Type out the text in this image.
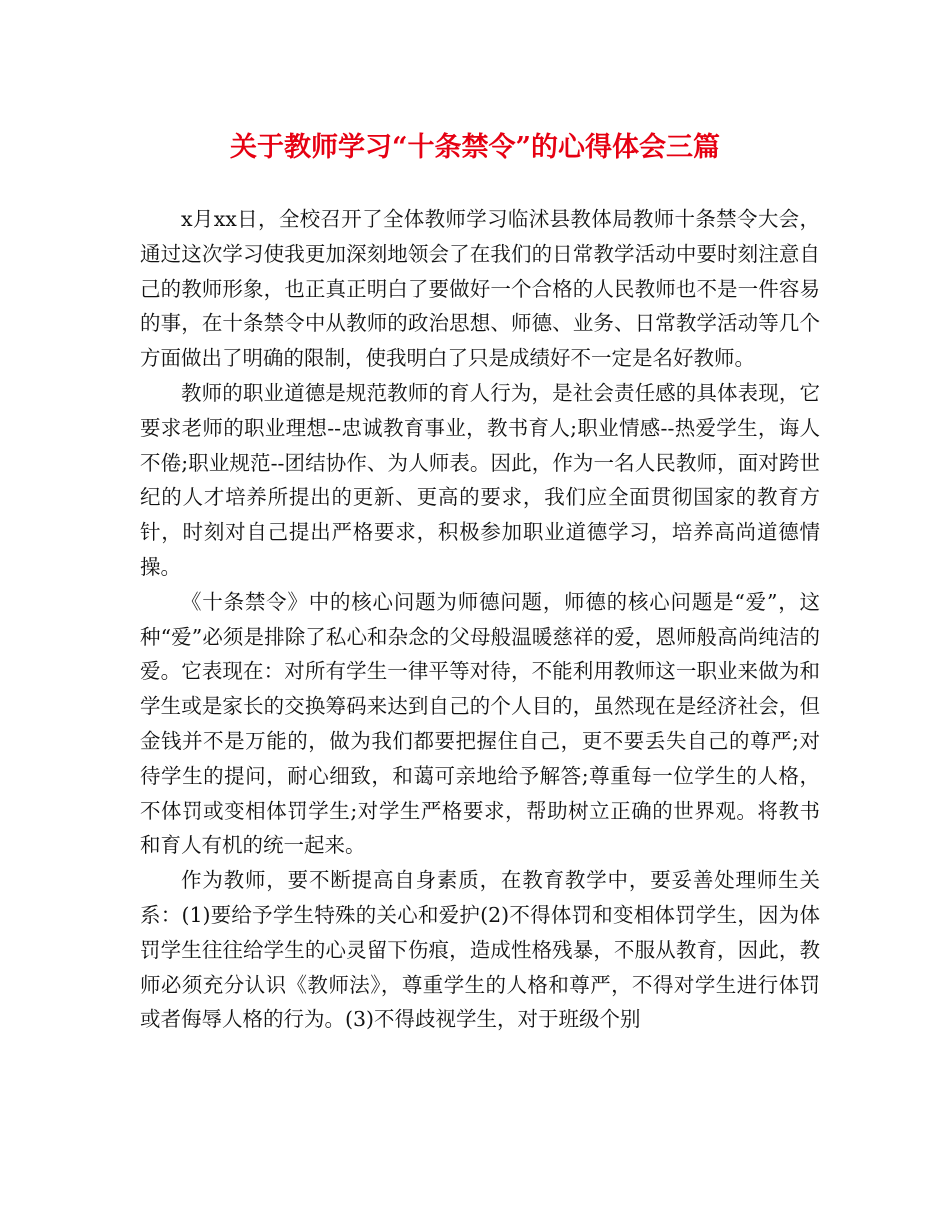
关于教师学习“十条禁令”的心得体会三篇

x月xx日，全校召开了全体教师学习临沭县教体局教师十条禁令大会，通过这次学习使我更加深刻地领会了在我们的日常教学活动中要时刻注意自己的教师形象，也正真正明白了要做好一个合格的人民教师也不是一件容易的事，在十条禁令中从教师的政治思想、师德、业务、日常教学活动等几个方面做出了明确的限制，使我明白了只是成绩好不一定是名好教师。

教师的职业道德是规范教师的育人行为，是社会责任感的具体表现，它要求老师的职业理想--忠诚教育事业，教书育人;职业情感--热爱学生，诲人不倦;职业规范--团结协作、为人师表。因此，作为一名人民教师，面对跨世纪的人才培养所提出的更新、更高的要求，我们应全面贯彻国家的教育方针，时刻对自己提出严格要求，积极参加职业道德学习，培养高尚道德情操。

《十条禁令》中的核心问题为师德问题，师德的核心问题是“爱”，这种“爱”必须是排除了私心和杂念的父母般温暖慈祥的爱，恩师般高尚纯洁的爱。它表现在：对所有学生一律平等对待，不能利用教师这一职业来做为和学生或是家长的交换筹码来达到自己的个人目的，虽然现在是经济社会，但金钱并不是万能的，做为我们都要把握住自己，更不要丢失自己的尊严;对待学生的提问，耐心细致，和蔼可亲地给予解答;尊重每一位学生的人格，不体罚或变相体罚学生;对学生严格要求，帮助树立正确的世界观。将教书和育人有机的统一起来。

作为教师，要不断提高自身素质，在教育教学中，要妥善处理师生关系：(1)要给予学生特殊的关心和爱护(2)不得体罚和变相体罚学生，因为体罚学生往往给学生的心灵留下伤痕，造成性格残暴，不服从教育，因此，教师必须充分认识《教师法》，尊重学生的人格和尊严，不得对学生进行体罚或者侮辱人格的行为。(3)不得歧视学生，对于班级个别
